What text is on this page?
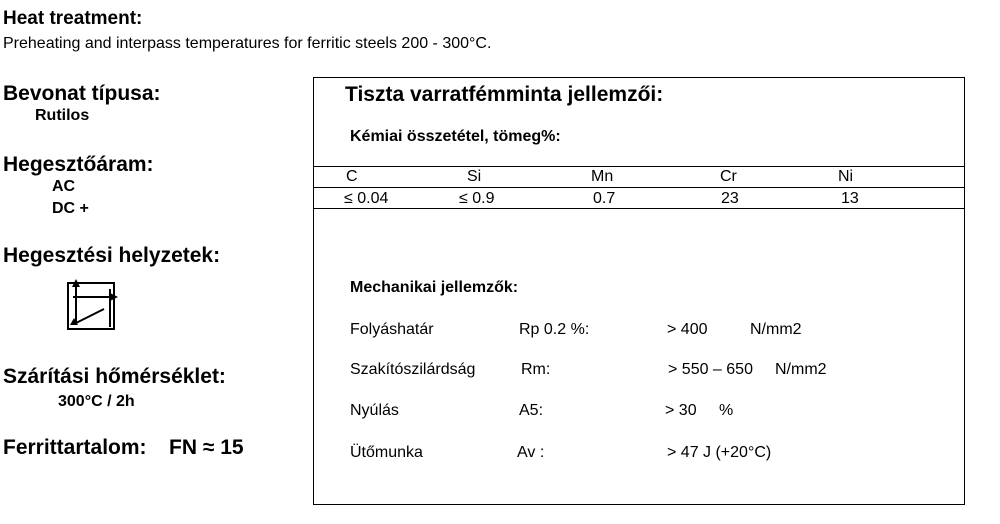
Heat treatment:
Preheating and interpass temperatures for ferritic steels 200 - 300°C.
Bevonat típusa:
Rutilos
Hegesztőáram:
AC
DC +
Hegesztési helyzetek:
Szárítási hőmérséklet:
300°C / 2h
Ferrittartalom: FN ≈ 15
Tiszta varratfémminta jellemzői:
Kémiai összetétel, tömeg%:
C	Si	Mn	Cr	Ni
≤ 0.04	≤ 0.9	0.7	23	13
Mechanikai jellemzők:
Folyáshatár	Rp 0.2 %:	> 400	N/mm2
Szakítószilárdság	Rm:	> 550 – 650 N/mm2
Nyúlás	A5:	> 30 %
Ütőmunka	Av :	> 47 J (+20°C)
